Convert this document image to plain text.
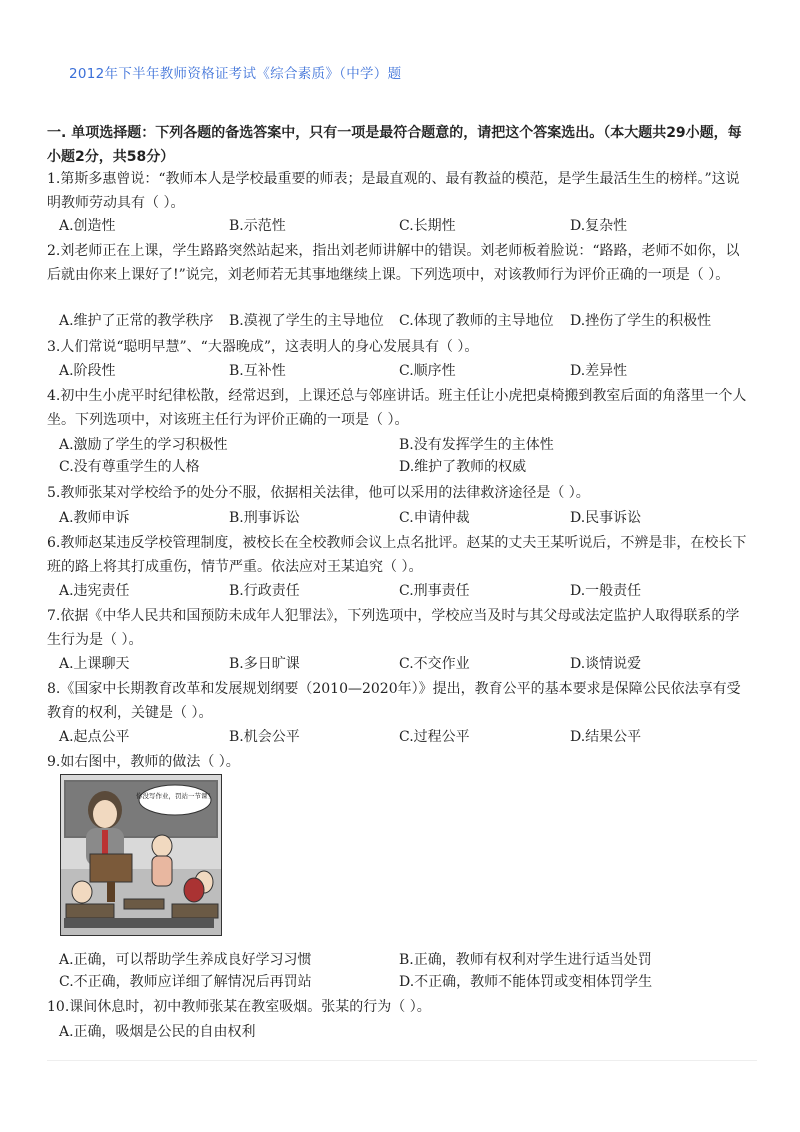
2012年下半年教师资格证考试《综合素质》（中学）题
一. 单项选择题：下列各题的备选答案中，只有一项是最符合题意的，请把这个答案选出。（本大题共29小题，每小题2分，共58分）
1.第斯多惠曾说：“教师本人是学校最重要的师表；是最直观的、最有教益的模范，是学生最活生生的榜样。”这说明教师劳动具有（ ）。
A.创造性	B.示范性	C.长期性	D.复杂性
2.刘老师正在上课，学生路路突然站起来，指出刘老师讲解中的错误。刘老师板着脸说：“路路，老师不如你，以后就由你来上课好了!”说完，刘老师若无其事地继续上课。下列选项中，对该教师行为评价正确的一项是（ ）。
A.维护了正常的教学秩序 B.漠视了学生的主导地位 C.体现了教师的主导地位 D.挫伤了学生的积极性
3.人们常说“聪明早慧”、“大器晚成”，这表明人的身心发展具有（ ）。
A.阶段性	B.互补性	C.顺序性	D.差异性
4.初中生小虎平时纪律松散，经常迟到，上课还总与邻座讲话。班主任让小虎把桌椅搬到教室后面的角落里一个人坐。下列选项中，对该班主任行为评价正确的一项是（ ）。
A.激励了学生的学习积极性	B.没有发挥学生的主体性
C.没有尊重学生的人格	D.维护了教师的权威
5.教师张某对学校给予的处分不服，依据相关法律，他可以采用的法律救济途径是（ ）。
A.教师申诉	B.刑事诉讼	C.申请仲裁	D.民事诉讼
6.教师赵某违反学校管理制度，被校长在全校教师会议上点名批评。赵某的丈夫王某听说后，不辨是非，在校长下班的路上将其打成重伤，情节严重。依法应对王某追究（ ）。
A.违宪责任	B.行政责任	C.刑事责任	D.一般责任
7.依据《中华人民共和国预防未成年人犯罪法》，下列选项中，学校应当及时与其父母或法定监护人取得联系的学生行为是（ ）。
A.上课聊天	B.多日旷课	C.不交作业	D.谈情说爱
8.《国家中长期教育改革和发展规划纲要（2010—2020年）》提出，教育公平的基本要求是保障公民依法享有受教育的权利，关键是（ ）。
A.起点公平	B.机会公平	C.过程公平	D.结果公平
9.如右图中，教师的做法（ ）。
你没写作业，罚站一节课！
A.正确，可以帮助学生养成良好学习习惯	B.正确，教师有权利对学生进行适当处罚
C.不正确，教师应详细了解情况后再罚站	D.不正确，教师不能体罚或变相体罚学生
10.课间休息时，初中教师张某在教室吸烟。张某的行为（ ）。
A.正确，吸烟是公民的自由权利
